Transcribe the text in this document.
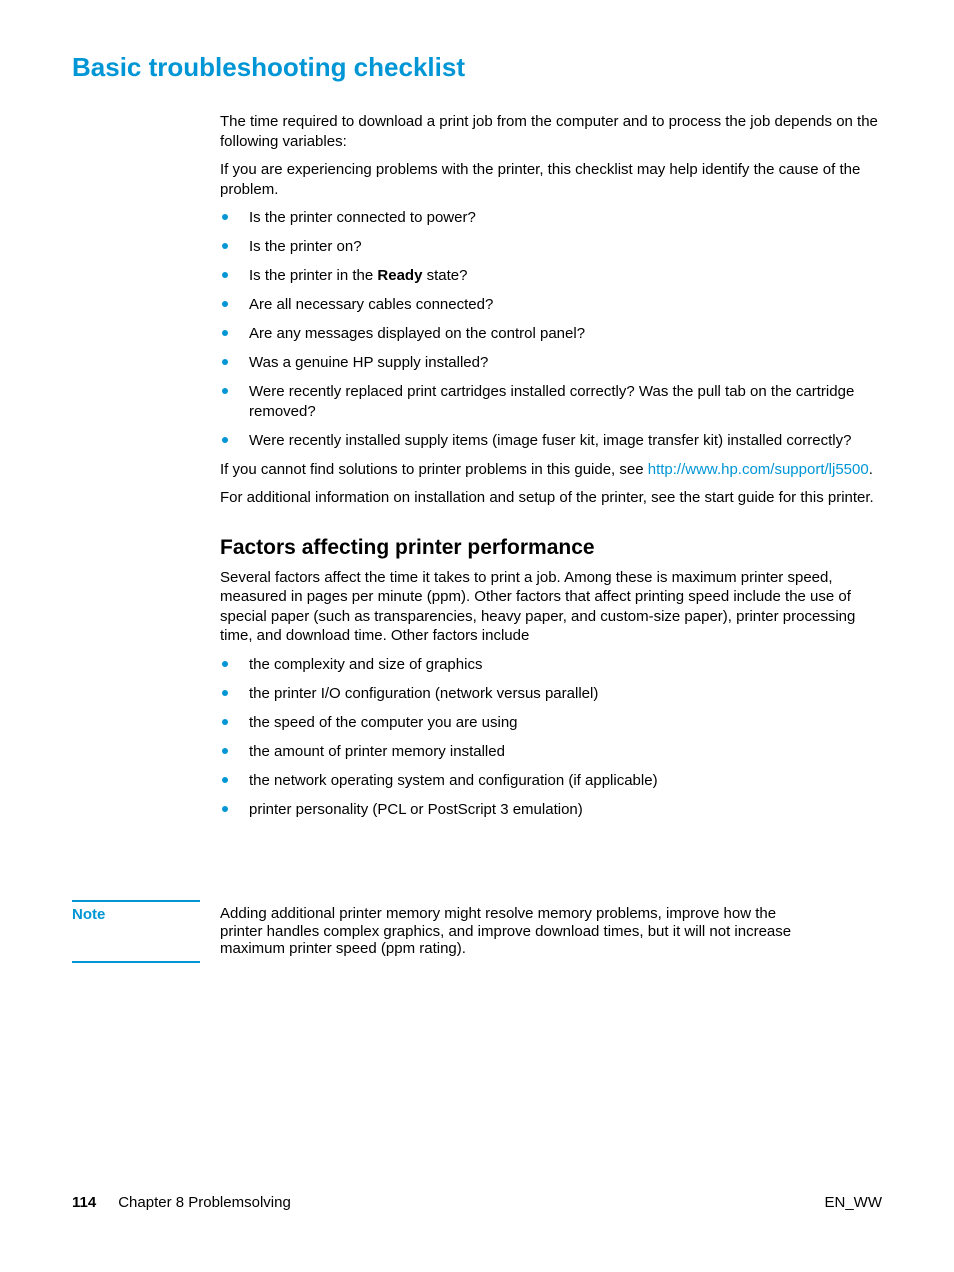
Basic troubleshooting checklist

The time required to download a print job from the computer and to process the job depends on the following variables:

If you are experiencing problems with the printer, this checklist may help identify the cause of the problem.

Is the printer connected to power?
Is the printer on?
Is the printer in the Ready state?
Are all necessary cables connected?
Are any messages displayed on the control panel?
Was a genuine HP supply installed?
Were recently replaced print cartridges installed correctly? Was the pull tab on the cartridge removed?
Were recently installed supply items (image fuser kit, image transfer kit) installed correctly?

If you cannot find solutions to printer problems in this guide, see http://www.hp.com/support/lj5500.

For additional information on installation and setup of the printer, see the start guide for this printer.

Factors affecting printer performance

Several factors affect the time it takes to print a job. Among these is maximum printer speed, measured in pages per minute (ppm). Other factors that affect printing speed include the use of special paper (such as transparencies, heavy paper, and custom-size paper), printer processing time, and download time. Other factors include

the complexity and size of graphics
the printer I/O configuration (network versus parallel)
the speed of the computer you are using
the amount of printer memory installed
the network operating system and configuration (if applicable)
printer personality (PCL or PostScript 3 emulation)
Note	Adding additional printer memory might resolve memory problems, improve how the printer handles complex graphics, and improve download times, but it will not increase maximum printer speed (ppm rating).
114 Chapter 8 Problemsolving	EN_WW
